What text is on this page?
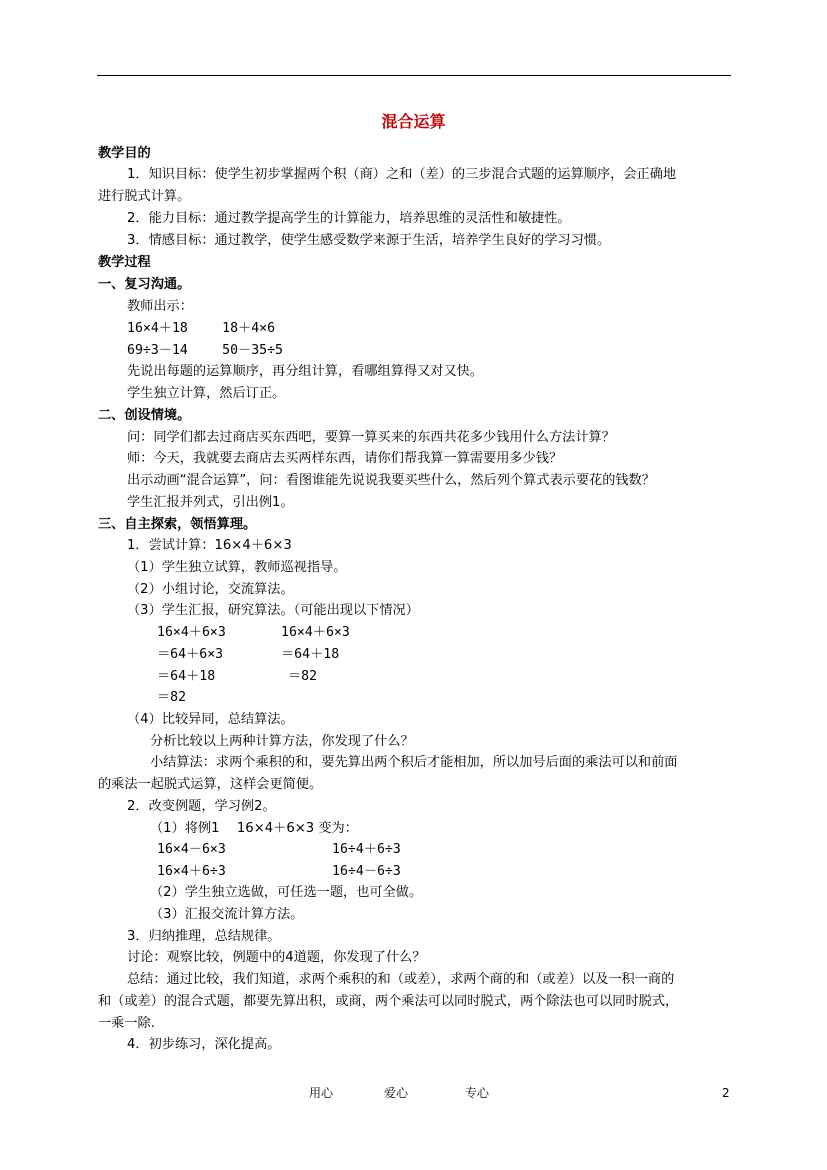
混合运算
教学目的
1．知识目标：使学生初步掌握两个积（商）之和（差）的三步混合式题的运算顺序，会正确地
进行脱式计算。
2．能力目标：通过教学提高学生的计算能力，培养思维的灵活性和敏捷性。
3．情感目标：通过教学，使学生感受数学来源于生活，培养学生良好的学习习惯。
教学过程
一、复习沟通。
教师出示：
16×4＋18　　 18＋4×6
69÷3－14　　 50－35÷5
先说出每题的运算顺序，再分组计算，看哪组算得又对又快。
学生独立计算，然后订正。
二、创设情境。
问：同学们都去过商店买东西吧，要算一算买来的东西共花多少钱用什么方法计算？
师：今天，我就要去商店去买两样东西，请你们帮我算一算需要用多少钱？
出示动画“混合运算”，问：看图谁能先说说我要买些什么，然后列个算式表示要花的钱数？
学生汇报并列式，引出例1。
三、自主探索，领悟算理。
1．尝试计算：16×4＋6×3
（1）学生独立试算，教师巡视指导。
（2）小组讨论，交流算法。
（3）学生汇报，研究算法。（可能出现以下情况）
16×4＋6×3	16×4＋6×3
＝64＋6×3	＝64＋18
＝64＋18	＝82
＝82
（4）比较异同，总结算法。
分析比较以上两种计算方法，你发现了什么？
小结算法：求两个乘积的和，要先算出两个积后才能相加，所以加号后面的乘法可以和前面
的乘法一起脱式运算，这样会更简便。
2．改变例题，学习例2。
（1）将例1　 16×4＋6×3 变为：
16×4－6×3	16÷4＋6÷3
16×4＋6÷3	16÷4－6÷3
（2）学生独立选做，可任选一题，也可全做。
（3）汇报交流计算方法。
3．归纳推理，总结规律。
讨论：观察比较，例题中的4道题，你发现了什么？
总结：通过比较，我们知道，求两个乘积的和（或差），求两个商的和（或差）以及一积一商的
和（或差）的混合式题，都要先算出积，或商，两个乘法可以同时脱式，两个除法也可以同时脱式，
一乘一除.
4．初步练习，深化提高。
用心	爱心	专心	2
